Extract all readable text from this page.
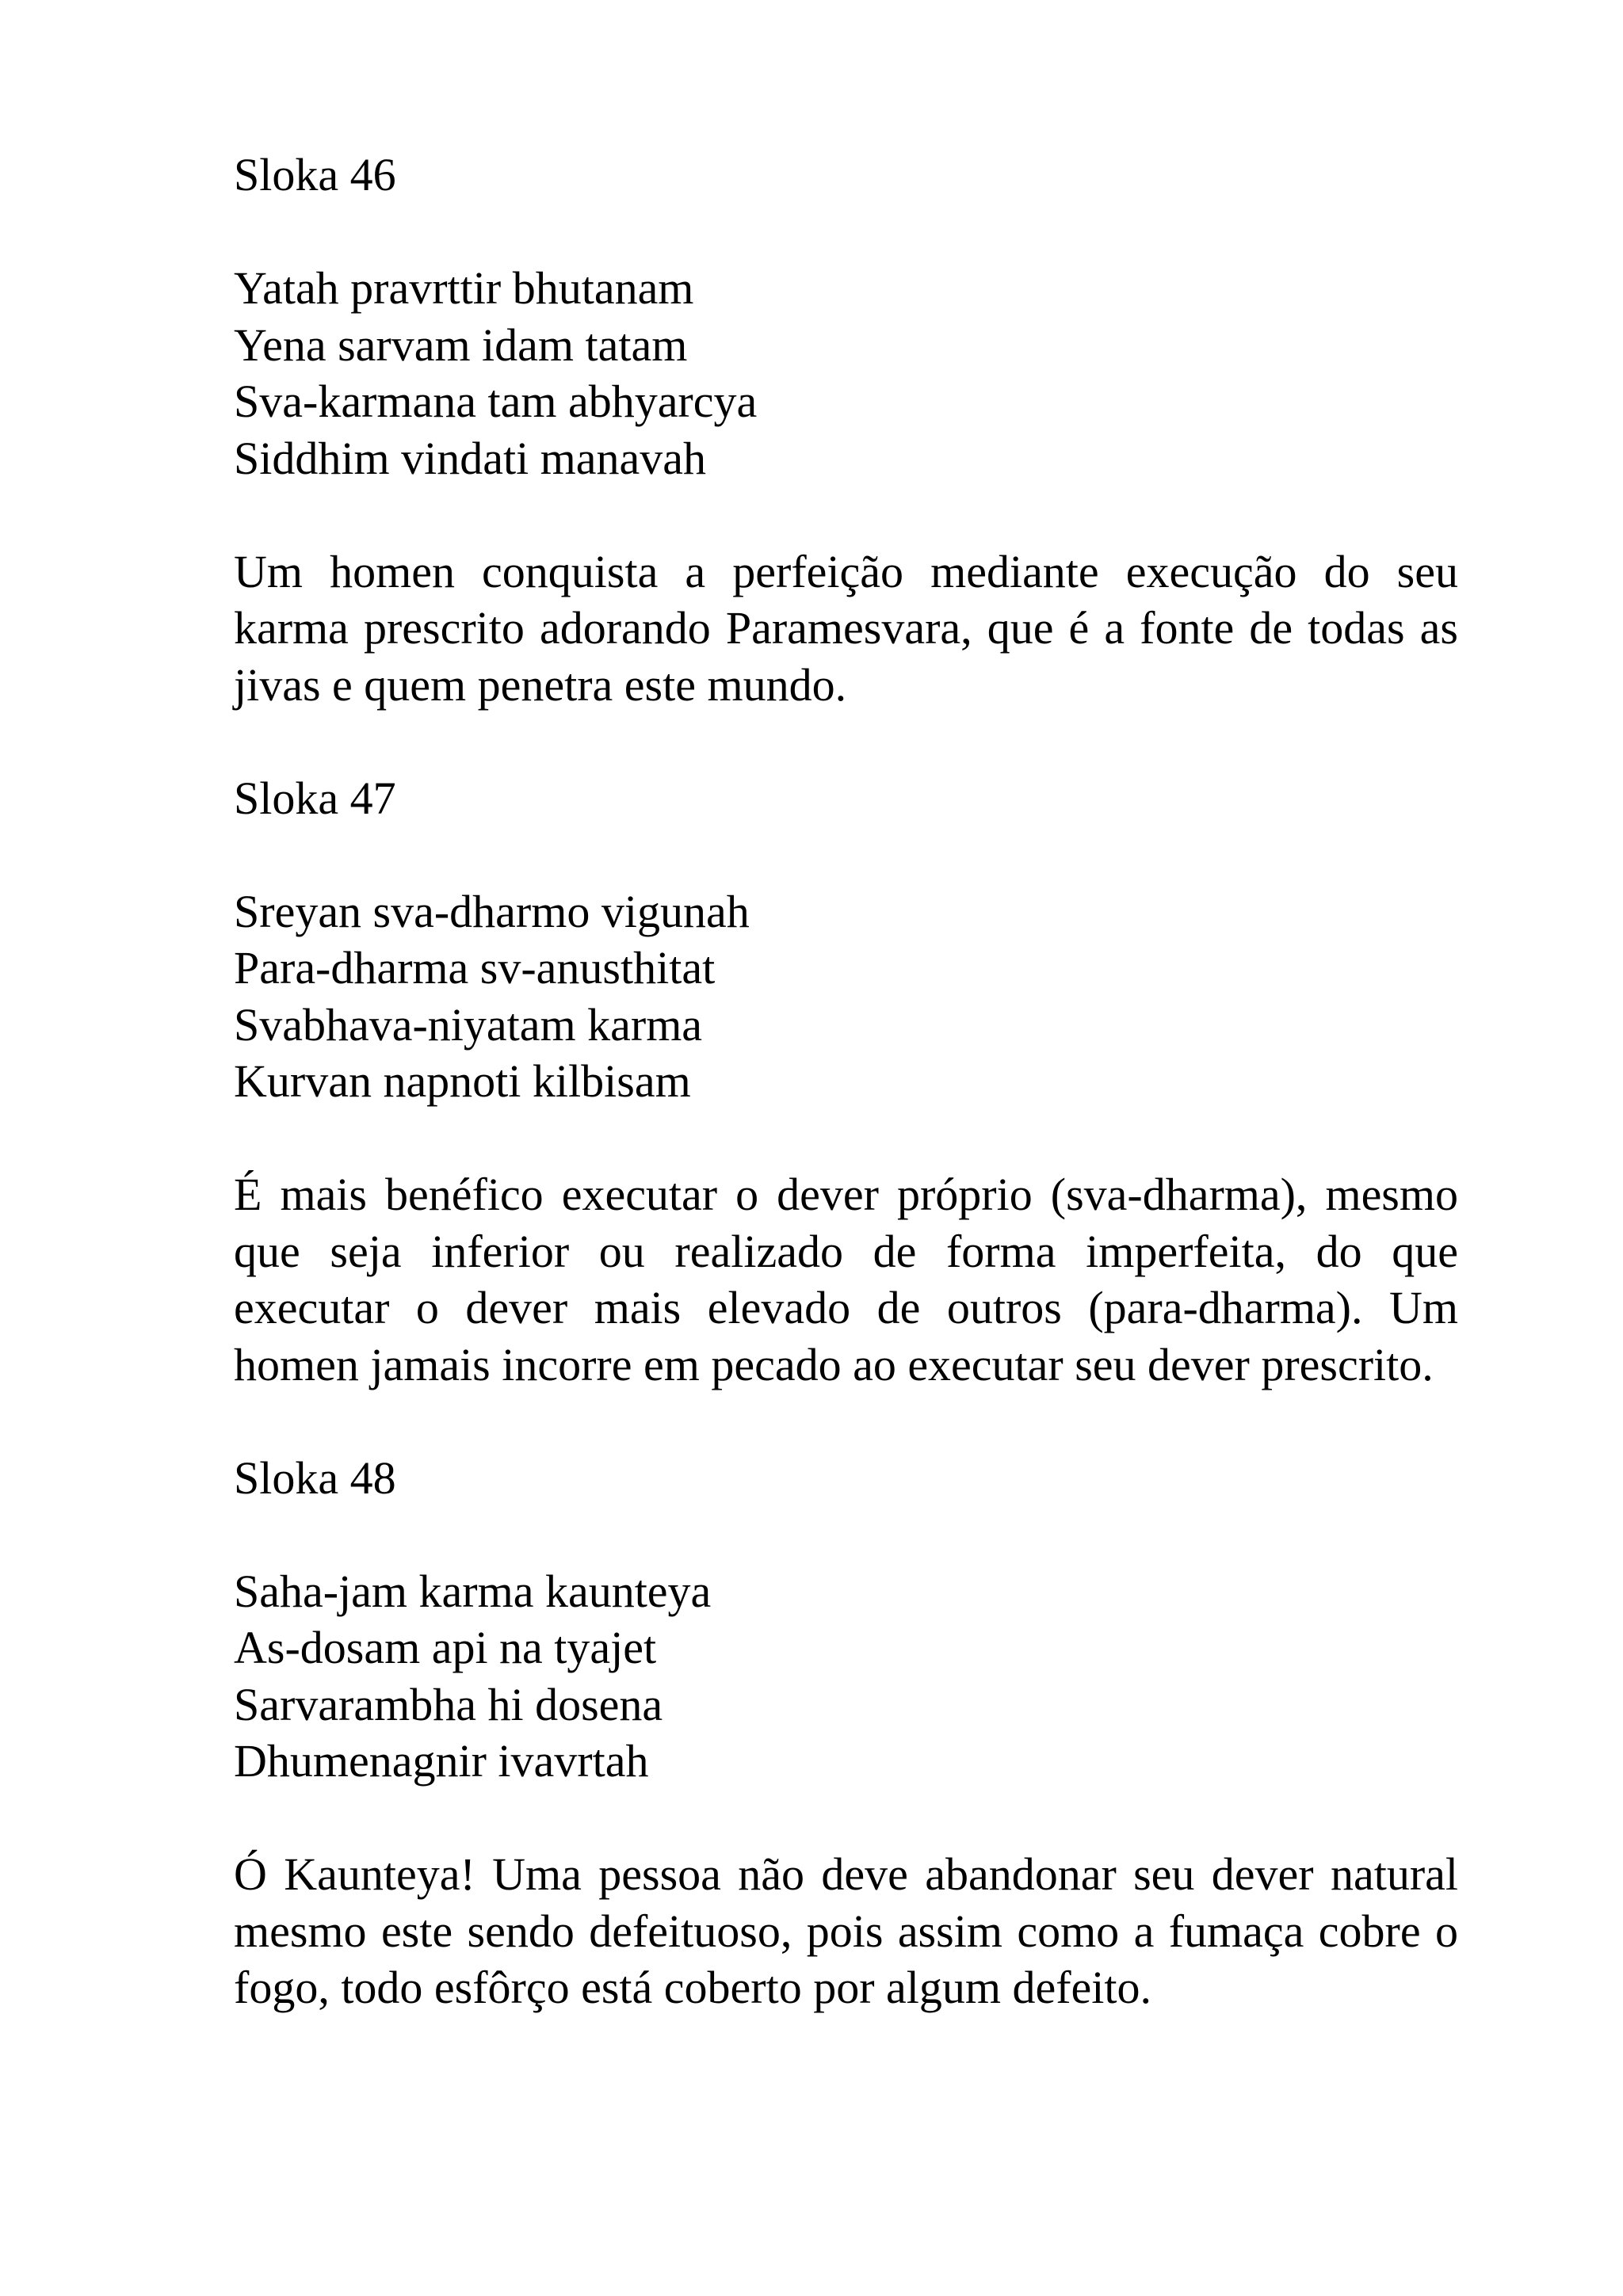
Sloka 46
Yatah pravrttir bhutanam
Yena sarvam idam tatam
Sva-karmana tam abhyarcya
Siddhim vindati manavah

Um homen conquista a perfeição mediante execução do seu karma prescrito adorando Paramesvara, que é a fonte de todas as jivas e quem penetra este mundo.

Sloka 47
Sreyan sva-dharmo vigunah
Para-dharma sv-anusthitat
Svabhava-niyatam karma
Kurvan napnoti kilbisam

É mais benéfico executar o dever próprio (sva-dharma), mesmo que seja inferior ou realizado de forma imperfeita, do que executar o dever mais elevado de outros (para-dharma). Um homen jamais incorre em pecado ao executar seu dever prescrito.

Sloka 48
Saha-jam karma kaunteya
As-dosam api na tyajet
Sarvarambha hi dosena
Dhumenagnir ivavrtah

Ó Kaunteya! Uma pessoa não deve abandonar seu dever natural mesmo este sendo defeituoso, pois assim como a fumaça cobre o fogo, todo esfôrço está coberto por algum defeito.
